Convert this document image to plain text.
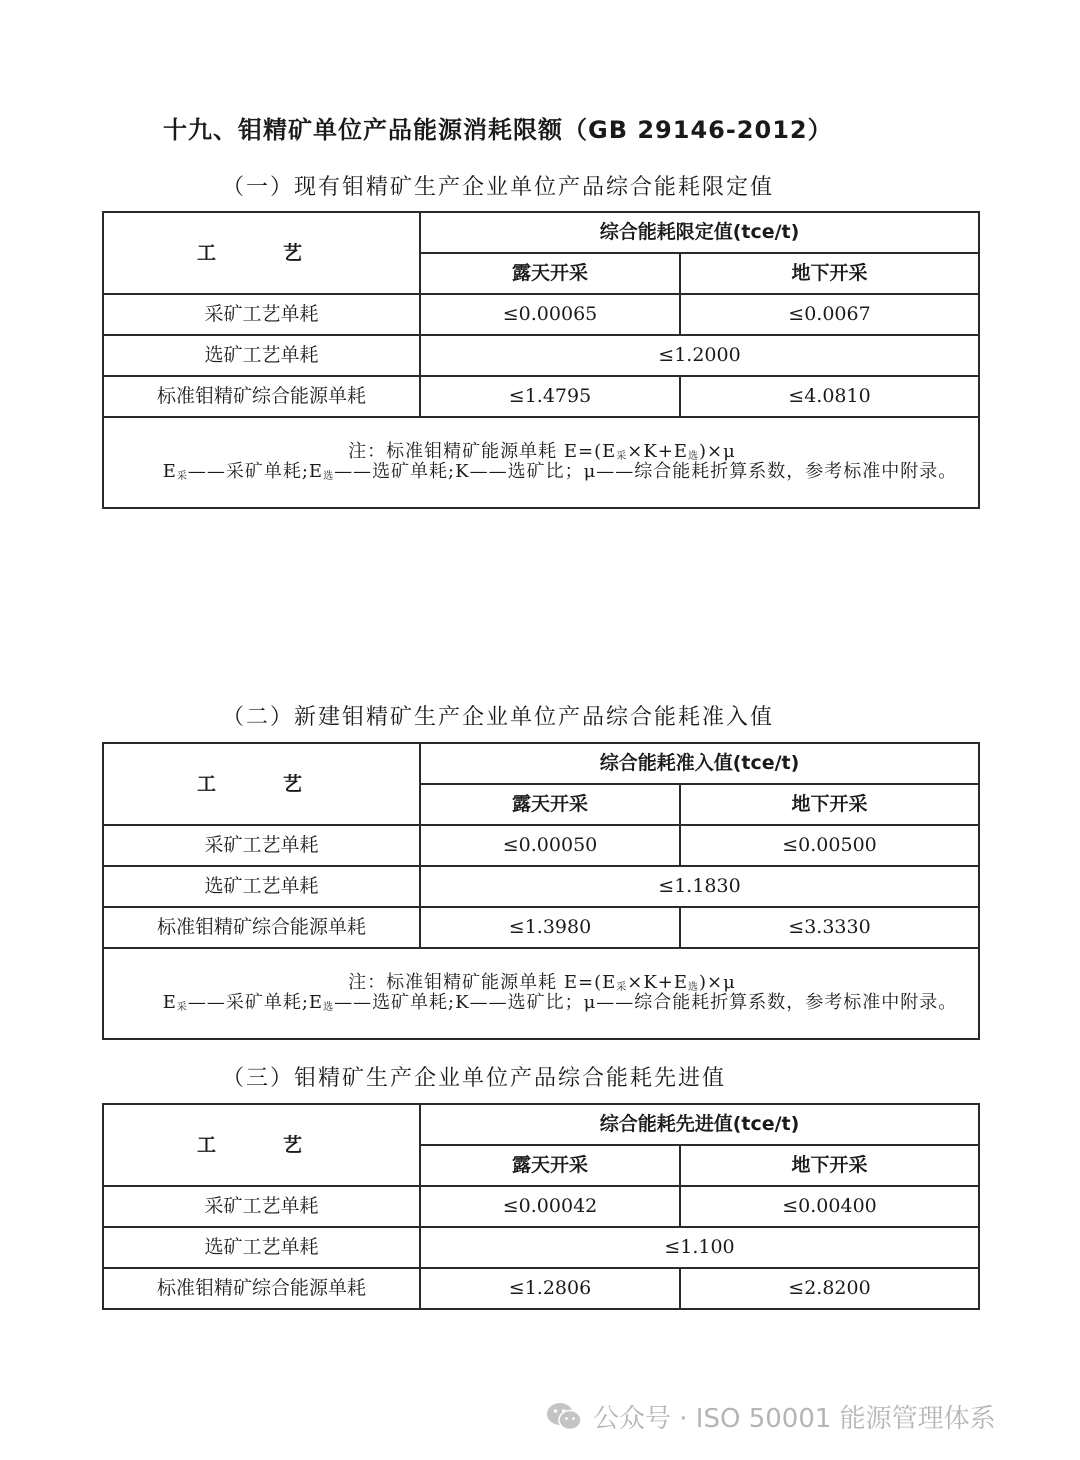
十九、钼精矿单位产品能源消耗限额（GB 29146-2012）
（一）现有钼精矿生产企业单位产品综合能耗限定值
工　艺	综合能耗限定值(tce/t)	
	露天开采	地下开采
采矿工艺单耗	≤0.00065	≤0.0067
选矿工艺单耗	≤1.2000	
标准钼精矿综合能源单耗	≤1.4795	≤4.0810
注：标准钼精矿能源单耗 $E=(E_采\times K+E_选)\times\mu$
$E_采——$采矿单耗$;E_选——$选矿单耗;K——选矿比；μ——综合能耗折算系数，参考标准中附录。		
（二）新建钼精矿生产企业单位产品综合能耗准入值
工　艺	综合能耗准入值(tce/t)	
	露天开采	地下开采
采矿工艺单耗	≤0.00050	≤0.00500
选矿工艺单耗	≤1.1830	
标准钼精矿综合能源单耗	≤1.3980	≤3.3330
注：标准钼精矿能源单耗 $E=(E_采\times K+E_选)\times\mu$
$E_采——$采矿单耗$;E_选——$选矿单耗;K——选矿比；μ——综合能耗折算系数，参考标准中附录。		
（三）钼精矿生产企业单位产品综合能耗先进值
工　艺	综合能耗先进值(tce/t)	
	露天开采	地下开采
采矿工艺单耗	≤0.00042	≤0.00400
选矿工艺单耗	≤1.100	
标准钼精矿综合能源单耗	≤1.2806	≤2.8200
公众号 · ISO 50001 能源管理体系
